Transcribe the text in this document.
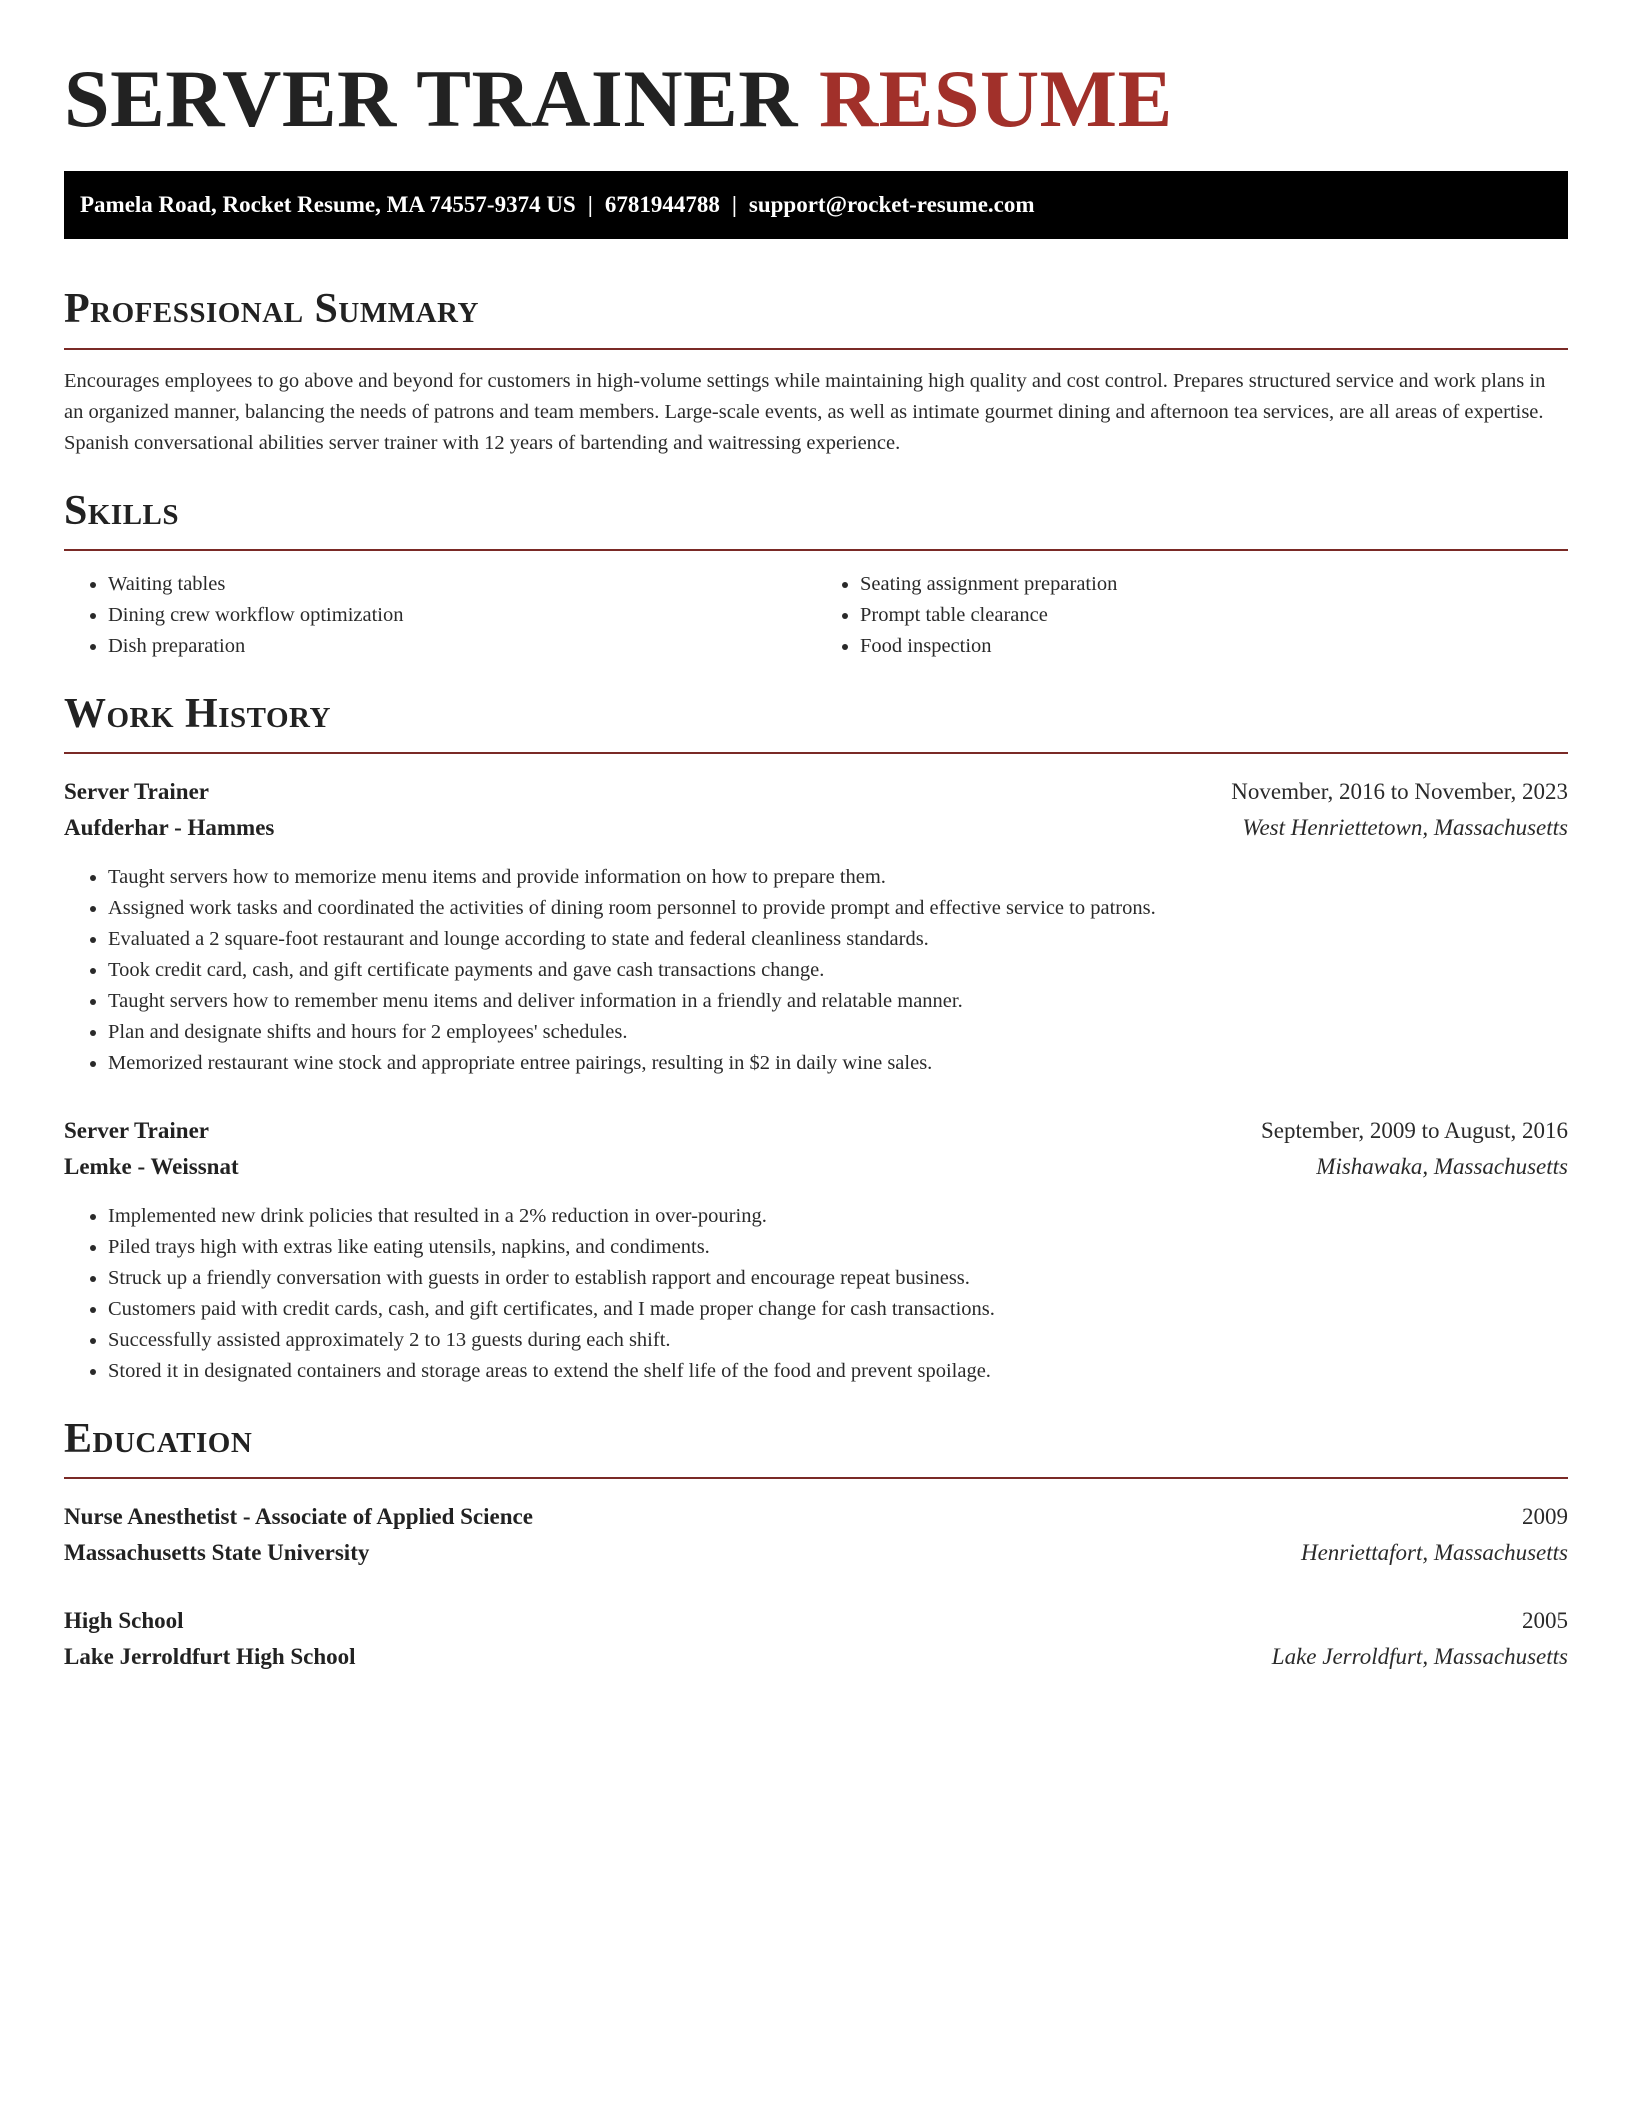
SERVER TRAINER RESUME
Pamela Road, Rocket Resume, MA 74557-9374 US | 6781944788 | support@rocket-resume.com
Professional Summary

Encourages employees to go above and beyond for customers in high-volume settings while maintaining high quality and cost control. Prepares structured service and work plans in an organized manner, balancing the needs of patrons and team members. Large-scale events, as well as intimate gourmet dining and afternoon tea services, are all areas of expertise. Spanish conversational abilities server trainer with 12 years of bartending and waitressing experience.

Skills
• Waiting tables
• Dining crew workflow optimization
• Dish preparation
• Seating assignment preparation
• Prompt table clearance
• Food inspection
Work History
Server Trainer	November, 2016 to November, 2023
Aufderhar - Hammes	West Henriettetown, Massachusetts
• Taught servers how to memorize menu items and provide information on how to prepare them.
• Assigned work tasks and coordinated the activities of dining room personnel to provide prompt and effective service to patrons.
• Evaluated a 2 square-foot restaurant and lounge according to state and federal cleanliness standards.
• Took credit card, cash, and gift certificate payments and gave cash transactions change.
• Taught servers how to remember menu items and deliver information in a friendly and relatable manner.
• Plan and designate shifts and hours for 2 employees' schedules.
• Memorized restaurant wine stock and appropriate entree pairings, resulting in $2 in daily wine sales.
Server Trainer	September, 2009 to August, 2016
Lemke - Weissnat	Mishawaka, Massachusetts
• Implemented new drink policies that resulted in a 2% reduction in over-pouring.
• Piled trays high with extras like eating utensils, napkins, and condiments.
• Struck up a friendly conversation with guests in order to establish rapport and encourage repeat business.
• Customers paid with credit cards, cash, and gift certificates, and I made proper change for cash transactions.
• Successfully assisted approximately 2 to 13 guests during each shift.
• Stored it in designated containers and storage areas to extend the shelf life of the food and prevent spoilage.
Education
Nurse Anesthetist - Associate of Applied Science	2009
Massachusetts State University	Henriettafort, Massachusetts
High School	2005
Lake Jerroldfurt High School	Lake Jerroldfurt, Massachusetts
